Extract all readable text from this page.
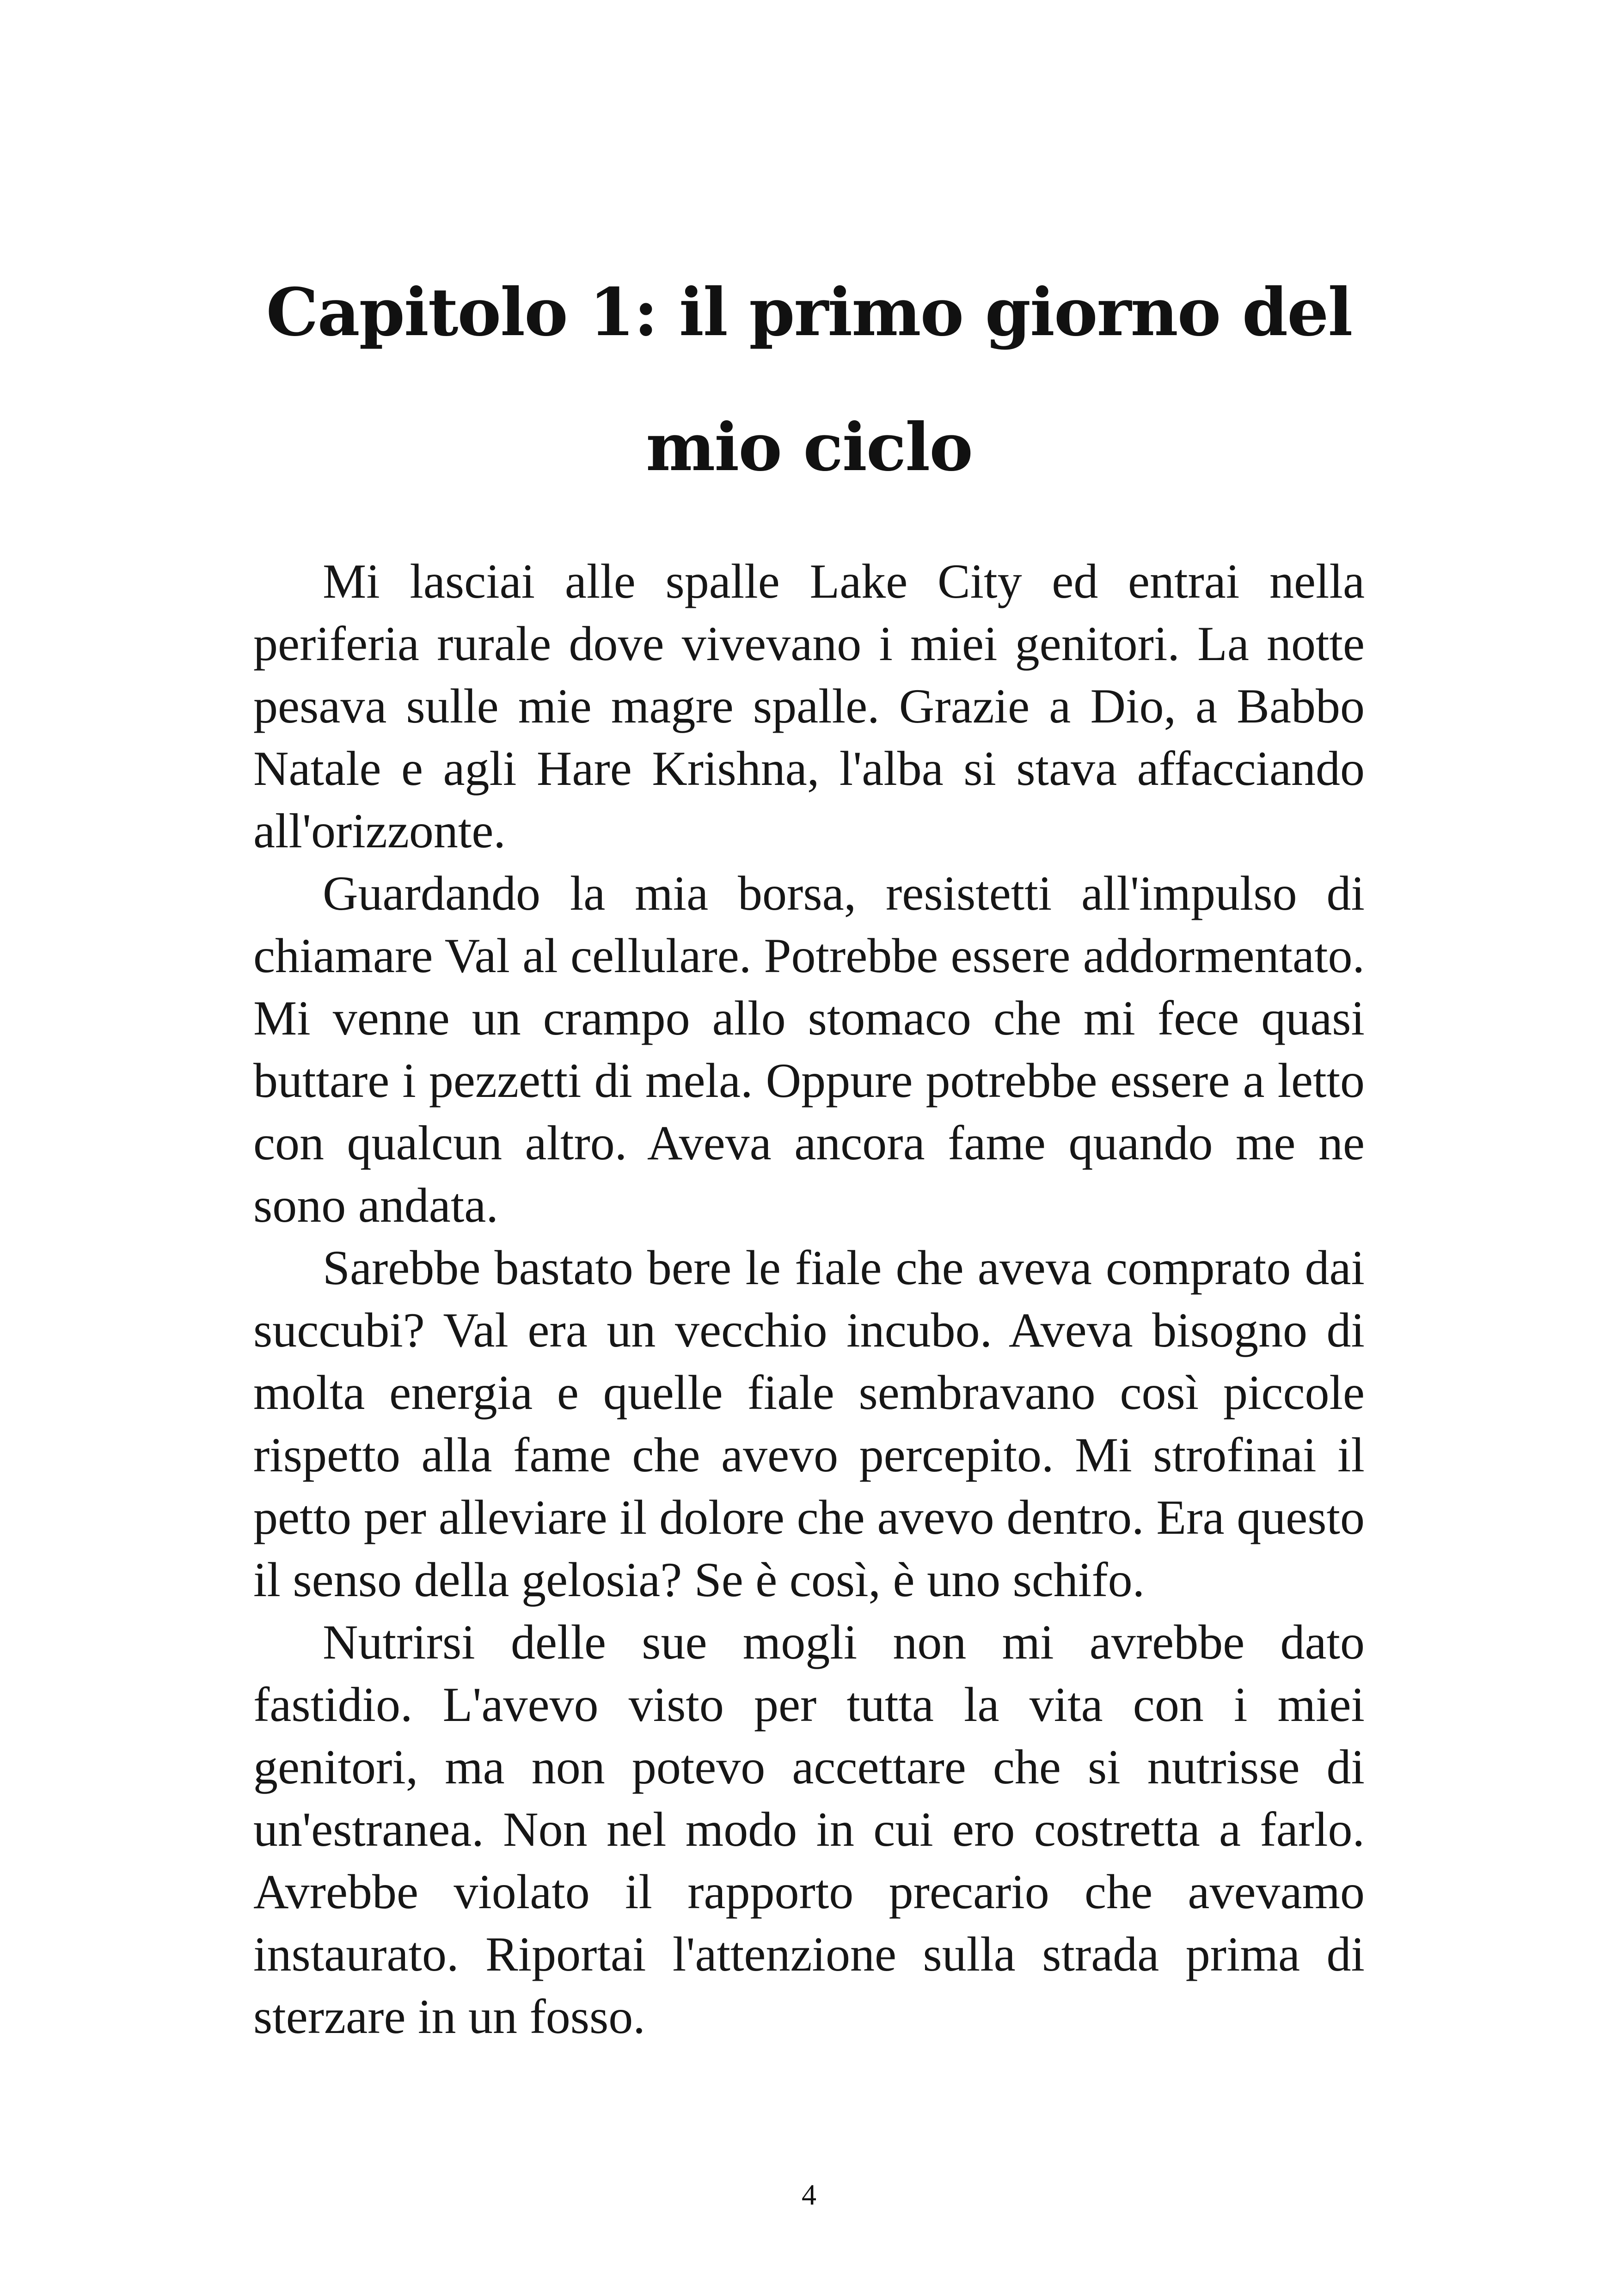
Capitolo 1: il primo giorno del mio ciclo

Mi lasciai alle spalle Lake City ed entrai nella periferia rurale dove vivevano i miei genitori. La notte pesava sulle mie magre spalle. Grazie a Dio, a Babbo Natale e agli Hare Krishna, l'alba si stava affacciando all'orizzonte.

Guardando la mia borsa, resistetti all'impulso di chiamare Val al cellulare. Potrebbe essere addormentato. Mi venne un crampo allo stomaco che mi fece quasi buttare i pezzetti di mela. Oppure potrebbe essere a letto con qualcun altro. Aveva ancora fame quando me ne sono andata.

Sarebbe bastato bere le fiale che aveva comprato dai succubi? Val era un vecchio incubo. Aveva bisogno di molta energia e quelle fiale sembravano così piccole rispetto alla fame che avevo percepito. Mi strofinai il petto per alleviare il dolore che avevo dentro. Era questo il senso della gelosia? Se è così, è uno schifo.

Nutrirsi delle sue mogli non mi avrebbe dato fastidio. L'avevo visto per tutta la vita con i miei genitori, ma non potevo accettare che si nutrisse di un'estranea. Non nel modo in cui ero costretta a farlo. Avrebbe violato il rapporto precario che avevamo instaurato. Riportai l'attenzione sulla strada prima di sterzare in un fosso.

4
